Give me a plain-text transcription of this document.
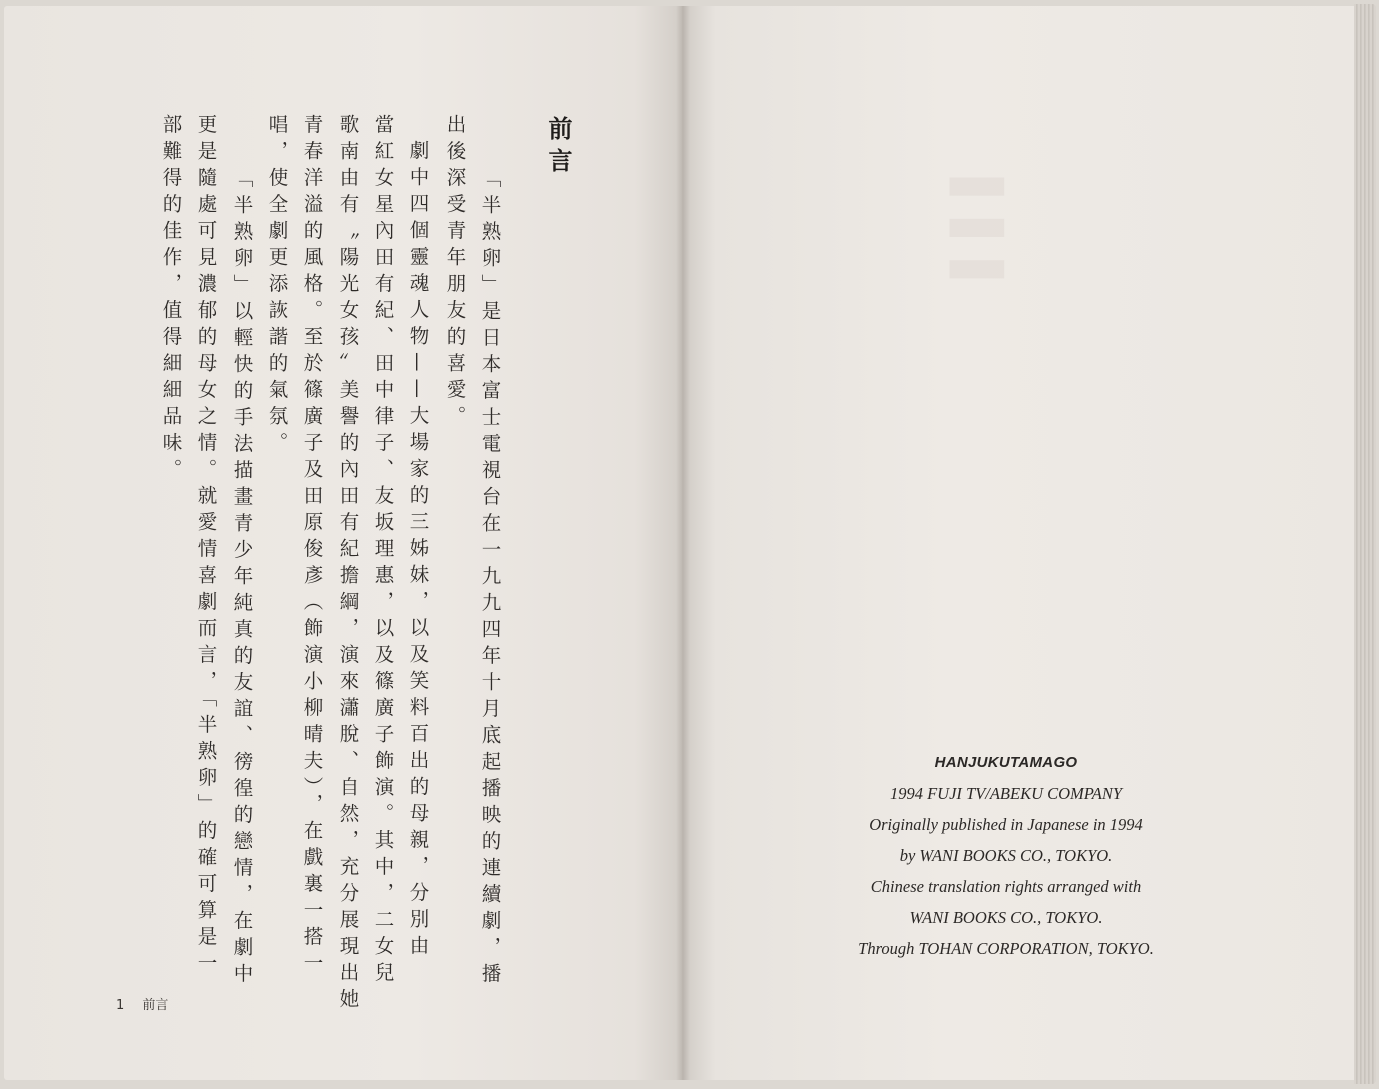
前言
「半熟卵」是日本富士電視台在一九九四年十月底起播映的連續劇，播
出後深受青年朋友的喜愛。
劇中四個靈魂人物——大場家的三姊妹，以及笑料百出的母親，分別由
當紅女星內田有紀、田中律子、友坂理惠，以及篠廣子飾演。其中，二女兒
歌南由有〝陽光女孩〞美譽的內田有紀擔綱，演來瀟脫、自然，充分展現出她
青春洋溢的風格。至於篠廣子及田原俊彥（飾演小柳晴夫），在戲裏一搭一
唱，使全劇更添詼諧的氣氛。
「半熟卵」以輕快的手法描畫青少年純真的友誼、徬徨的戀情，在劇中
更是隨處可見濃郁的母女之情。就愛情喜劇而言，「半熟卵」的確可算是一
部難得的佳作，值得細細品味。
1 前言
▌▌▌
HANJUKUTAMAGO
1994 FUJI TV/ABEKU COMPANY
Originally published in Japanese in 1994
by WANI BOOKS CO., TOKYO.
Chinese translation rights arranged with
WANI BOOKS CO., TOKYO.
Through TOHAN CORPORATION, TOKYO.
